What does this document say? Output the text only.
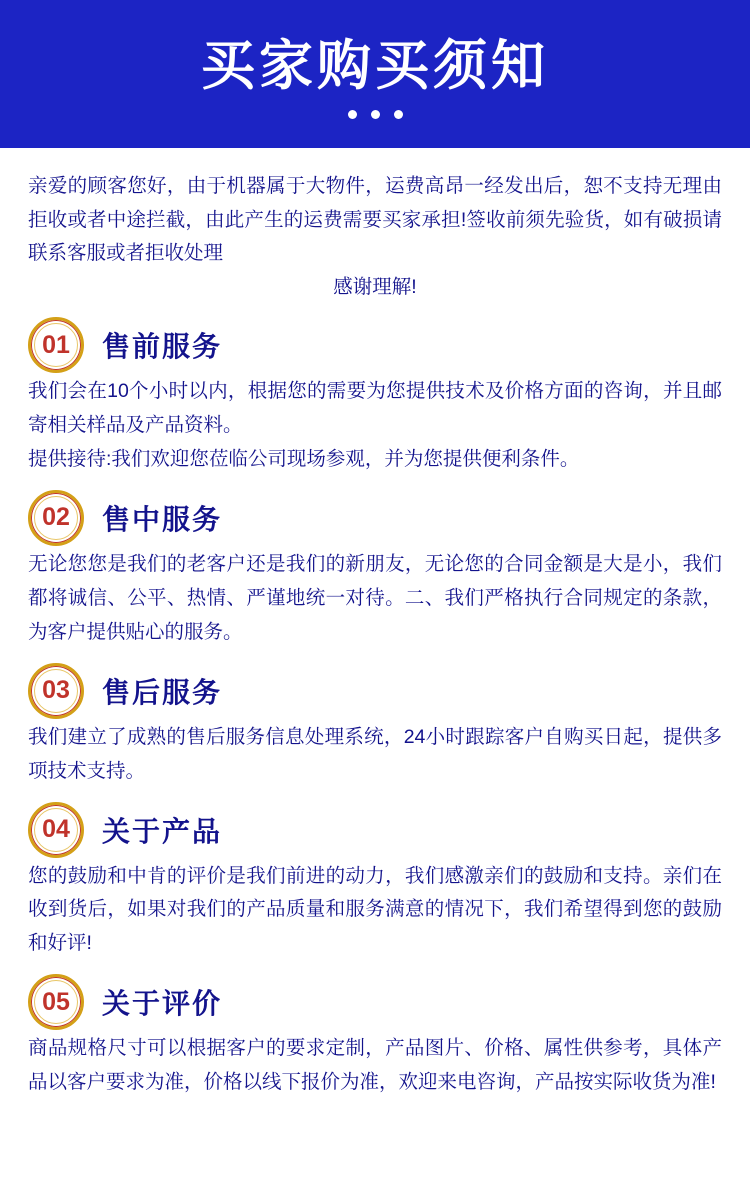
买家购买须知

亲爱的顾客您好，由于机器属于大物件，运费高昂一经发出后，恕不支持无理由拒收或者中途拦截，由此产生的运费需要买家承担!签收前须先验货，如有破损请联系客服或者拒收处理

感谢理解!

01 售前服务

我们会在10个小时以内，根据您的需要为您提供技术及价格方面的咨询，并且邮寄相关样品及产品资料。
提供接待:我们欢迎您莅临公司现场参观，并为您提供便利条件。

02 售中服务

无论您您是我们的老客户还是我们的新朋友，无论您的合同金额是大是小，我们都将诚信、公平、热情、严谨地统一对待。二、我们严格执行合同规定的条款，为客户提供贴心的服务。

03 售后服务

我们建立了成熟的售后服务信息处理系统，24小时跟踪客户自购买日起，提供多项技术支持。

04 关于产品

您的鼓励和中肯的评价是我们前进的动力，我们感激亲们的鼓励和支持。亲们在收到货后，如果对我们的产品质量和服务满意的情况下，我们希望得到您的鼓励和好评!

05 关于评价

商品规格尺寸可以根据客户的要求定制，产品图片、价格、属性供参考，具体产品以客户要求为准，价格以线下报价为准，欢迎来电咨询，产品按实际收货为准!
